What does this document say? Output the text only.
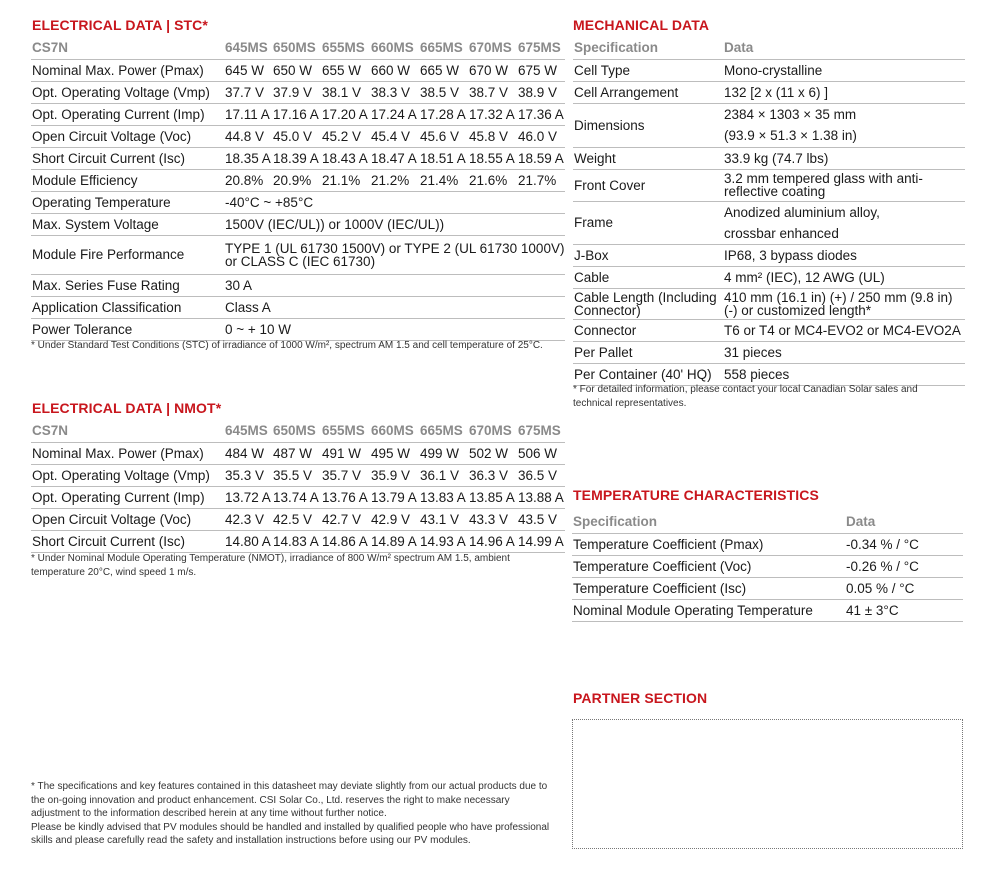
ELECTRICAL DATA | STC*
CS7N	645MS	650MS	655MS	660MS	665MS	670MS	675MS
Nominal Max. Power (Pmax)	645 W	650 W	655 W	660 W	665 W	670 W	675 W
Opt. Operating Voltage (Vmp)	37.7 V	37.9 V	38.1 V	38.3 V	38.5 V	38.7 V	38.9 V
Opt. Operating Current (Imp)	17.11 A	17.16 A	17.20 A	17.24 A	17.28 A	17.32 A	17.36 A
Open Circuit Voltage (Voc)	44.8 V	45.0 V	45.2 V	45.4 V	45.6 V	45.8 V	46.0 V
Short Circuit Current (Isc)	18.35 A	18.39 A	18.43 A	18.47 A	18.51 A	18.55 A	18.59 A
Module Efficiency	20.8%	20.9%	21.1%	21.2%	21.4%	21.6%	21.7%
Operating Temperature	-40°C ~ +85°C						
Max. System Voltage	1500V (IEC/UL)) or 1000V (IEC/UL))						
Module Fire Performance	TYPE 1 (UL 61730 1500V) or TYPE 2 (UL 61730 1000V) or CLASS C (IEC 61730)						
Max. Series Fuse Rating	30 A						
Application Classification	Class A						
Power Tolerance	0 ~ + 10 W						
* Under Standard Test Conditions (STC) of irradiance of 1000 W/m², spectrum AM 1.5 and cell temperature of 25°C.
ELECTRICAL DATA | NMOT*
CS7N	645MS	650MS	655MS	660MS	665MS	670MS	675MS
Nominal Max. Power (Pmax)	484 W	487 W	491 W	495 W	499 W	502 W	506 W
Opt. Operating Voltage (Vmp)	35.3 V	35.5 V	35.7 V	35.9 V	36.1 V	36.3 V	36.5 V
Opt. Operating Current (Imp)	13.72 A	13.74 A	13.76 A	13.79 A	13.83 A	13.85 A	13.88 A
Open Circuit Voltage (Voc)	42.3 V	42.5 V	42.7 V	42.9 V	43.1 V	43.3 V	43.5 V
Short Circuit Current (Isc)	14.80 A	14.83 A	14.86 A	14.89 A	14.93 A	14.96 A	14.99 A
* Under Nominal Module Operating Temperature (NMOT), irradiance of 800 W/m² spectrum AM 1.5, ambient temperature 20°C, wind speed 1 m/s.
MECHANICAL DATA
Specification	Data
Cell Type	Mono-crystalline
Cell Arrangement	132 [2 x (11 x 6) ]
Dimensions	2384 × 1303 × 35 mm
(93.9 × 51.3 × 1.38 in)

Weight	33.9 kg (74.7 lbs)
Front Cover	3.2 mm tempered glass with anti-reflective coating
Frame	Anodized aluminium alloy,
crossbar enhanced

J-Box	IP68, 3 bypass diodes
Cable	4 mm² (IEC), 12 AWG (UL)
Cable Length (Including Connector)	410 mm (16.1 in) (+) / 250 mm (9.8 in) (-) or customized length*
Connector	T6 or T4 or MC4-EVO2 or MC4-EVO2A
Per Pallet	31 pieces
Per Container (40' HQ)	558 pieces
* For detailed information, please contact your local Canadian Solar sales and technical representatives.
TEMPERATURE CHARACTERISTICS
Specification	Data
Temperature Coefficient (Pmax)	-0.34 % / °C
Temperature Coefficient (Voc)	-0.26 % / °C
Temperature Coefficient (Isc)	0.05 % / °C
Nominal Module Operating Temperature	41 ± 3°C
PARTNER SECTION
* The specifications and key features contained in this datasheet may deviate slightly from our actual products due to the on-going innovation and product enhancement. CSI Solar Co., Ltd. reserves the right to make necessary adjustment to the information described herein at any time without further notice.
Please be kindly advised that PV modules should be handled and installed by qualified people who have professional skills and please carefully read the safety and installation instructions before using our PV modules.
